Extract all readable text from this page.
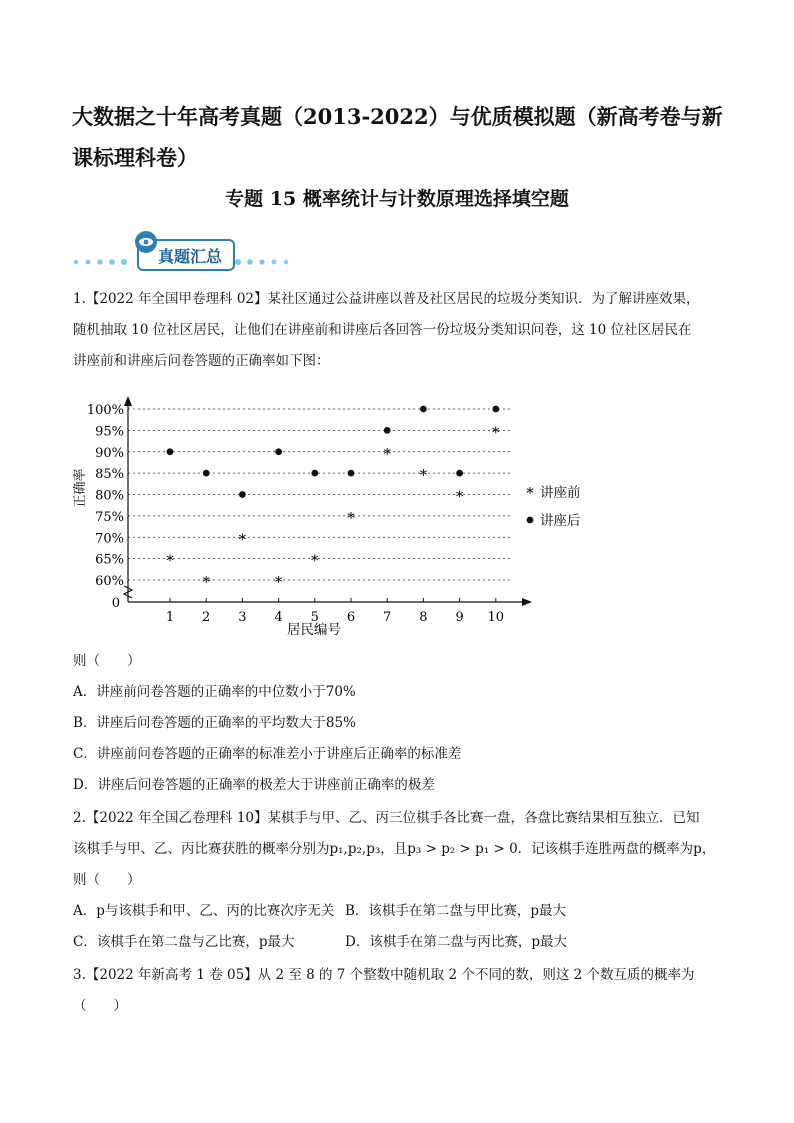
大数据之十年高考真题（2013-2022）与优质模拟题（新高考卷与新课标理科卷）
专题 15 概率统计与计数原理选择填空题
真题汇总
1.【2022 年全国甲卷理科 02】某社区通过公益讲座以普及社区居民的垃圾分类知识．为了解讲座效果，
随机抽取 10 位社区居民，让他们在讲座前和讲座后各回答一份垃圾分类知识问卷，这 10 位社区居民在
讲座前和讲座后问卷答题的正确率如下图：
0
60%
65%
70%
75%
80%
85%
90%
95%
100%
1 2 3 4 5 6 7 8 9 10
正确率
居民编号
*
*
*
*
*
*
*
*
*
*
* 讲座前
讲座后
则（　　）
A．讲座前问卷答题的正确率的中位数小于70%
B．讲座后问卷答题的正确率的平均数大于85%
C．讲座前问卷答题的正确率的标准差小于讲座后正确率的标准差
D．讲座后问卷答题的正确率的极差大于讲座前正确率的极差
2.【2022 年全国乙卷理科 10】某棋手与甲、乙、丙三位棋手各比赛一盘，各盘比赛结果相互独立．已知
该棋手与甲、乙、丙比赛获胜的概率分别为p₁,p₂,p₃，且p₃ > p₂ > p₁ > 0．记该棋手连胜两盘的概率为p，
则（　　）
A．p与该棋手和甲、乙、丙的比赛次序无关 B．该棋手在第二盘与甲比赛，p最大
C．该棋手在第二盘与乙比赛，p最大	D．该棋手在第二盘与丙比赛，p最大
3.【2022 年新高考 1 卷 05】从 2 至 8 的 7 个整数中随机取 2 个不同的数，则这 2 个数互质的概率为
（　　）
